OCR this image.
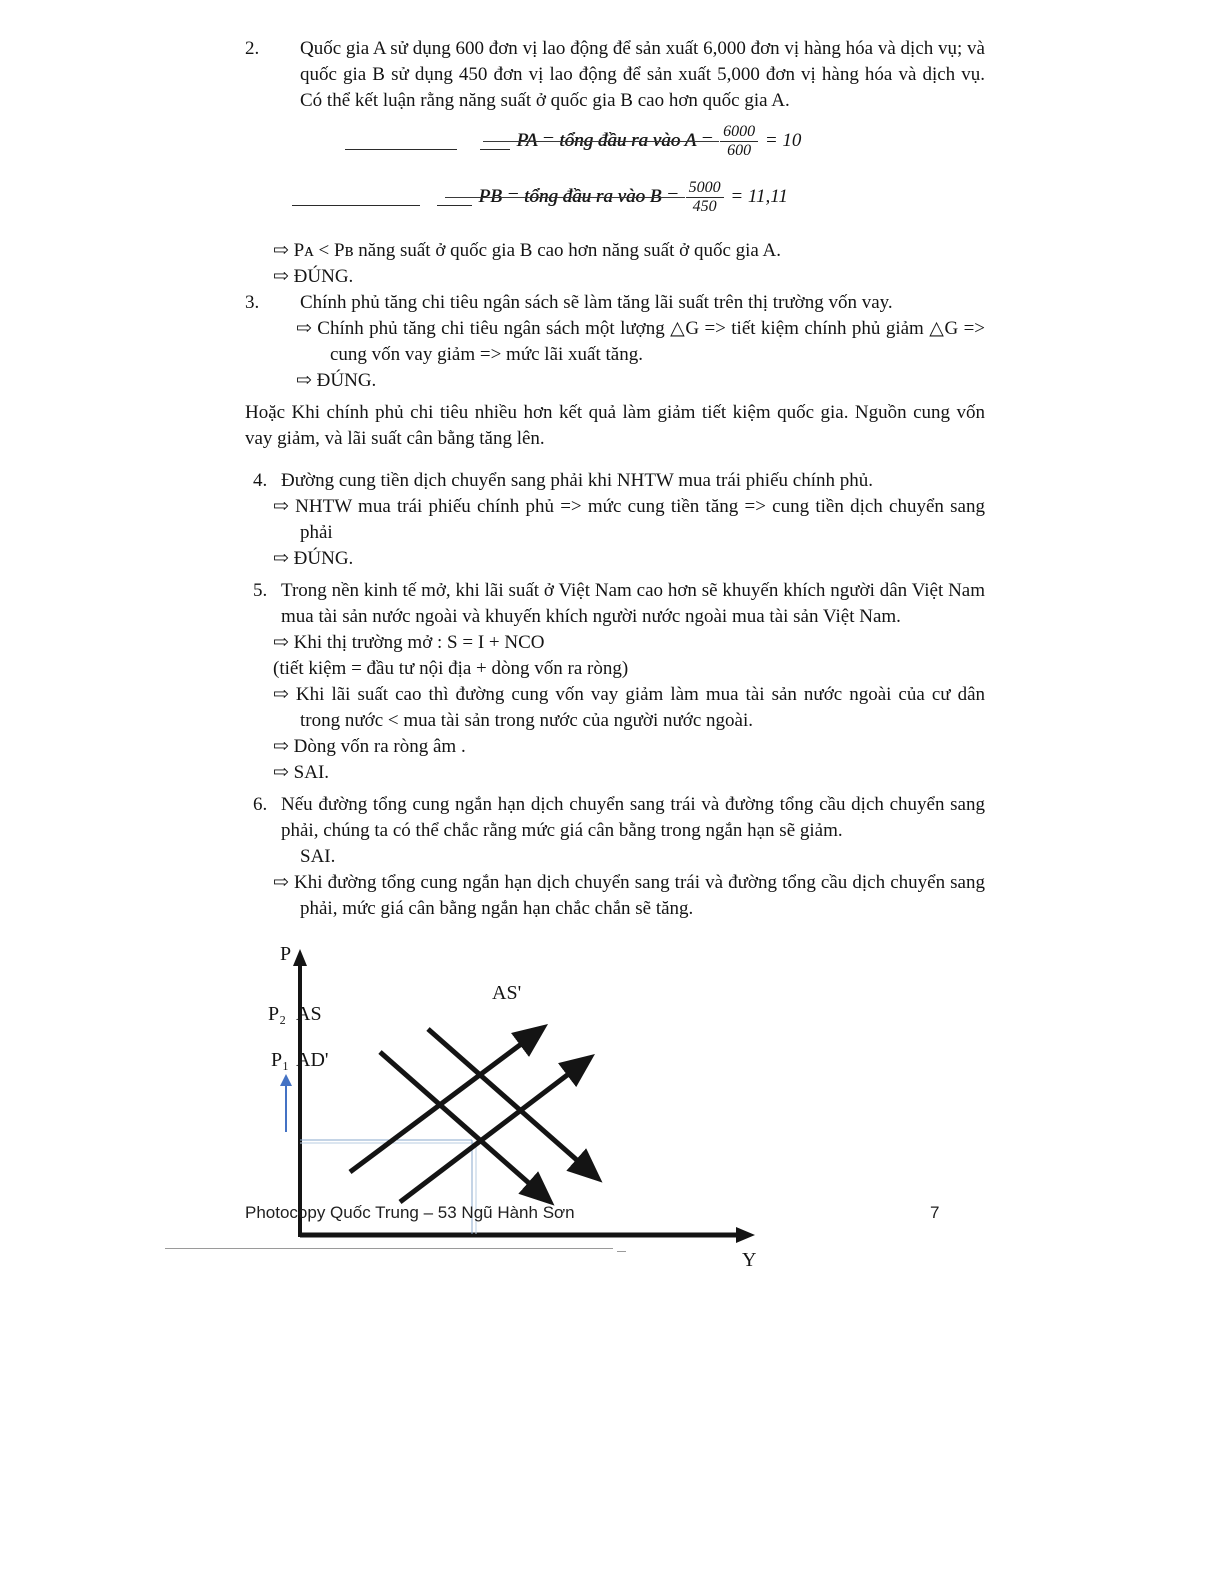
2.	Quốc gia A sử dụng 600 đơn vị lao động để sản xuất 6,000 đơn vị hàng hóa và dịch vụ; và quốc gia B sử dụng 450 đơn vị lao động để sản xuất 5,000 đơn vị hàng hóa và dịch vụ. Có thể kết luận rằng năng suất ở quốc gia B cao hơn quốc gia A.

PA = tổng đầu ra vào $A = \frac{6000}{600} = 10$
PB = tổng đầu ra vào $B = \frac{5000}{450} = 11,11$

⇨ Pᴀ < Pʙ năng suất ở quốc gia B cao hơn năng suất ở quốc gia A.

⇨ ĐÚNG.

3.	Chính phủ tăng chi tiêu ngân sách sẽ làm tăng lãi suất trên thị trường vốn vay.

⇨ Chính phủ tăng chi tiêu ngân sách một lượng △G => tiết kiệm chính phủ giảm △G => cung vốn vay giảm => mức lãi xuất tăng.

⇨ ĐÚNG.

Hoặc Khi chính phủ chi tiêu nhiều hơn kết quả làm giảm tiết kiệm quốc gia. Nguồn cung vốn vay giảm, và lãi suất cân bằng tăng lên.

4. Đường cung tiền dịch chuyển sang phải khi NHTW mua trái phiếu chính phủ.

⇨ NHTW mua trái phiếu chính phủ => mức cung tiền tăng => cung tiền dịch chuyển sang phải

⇨ ĐÚNG.

5. Trong nền kinh tế mở, khi lãi suất ở Việt Nam cao hơn sẽ khuyến khích người dân Việt Nam mua tài sản nước ngoài và khuyến khích người nước ngoài mua tài sản Việt Nam.

⇨ Khi thị trường mở : S = I + NCO

(tiết kiệm = đầu tư nội địa + dòng vốn ra ròng)

⇨ Khi lãi suất cao thì đường cung vốn vay giảm làm mua tài sản nước ngoài của cư dân trong nước < mua tài sản trong nước của người nước ngoài.

⇨ Dòng vốn ra ròng âm .

⇨ SAI.

6. Nếu đường tổng cung ngắn hạn dịch chuyển sang trái và đường tổng cầu dịch chuyển sang phải, chúng ta có thể chắc rằng mức giá cân bằng trong ngắn hạn sẽ giảm.

SAI.

⇨ Khi đường tổng cung ngắn hạn dịch chuyển sang trái và đường tổng cầu dịch chuyển sang phải, mức giá cân bằng ngắn hạn chắc chắn sẽ tăng.

P
Y
AS'
P₂ AS
P₁ AD'
Photocopy Quốc Trung – 53 Ngũ Hành Sơn	7
